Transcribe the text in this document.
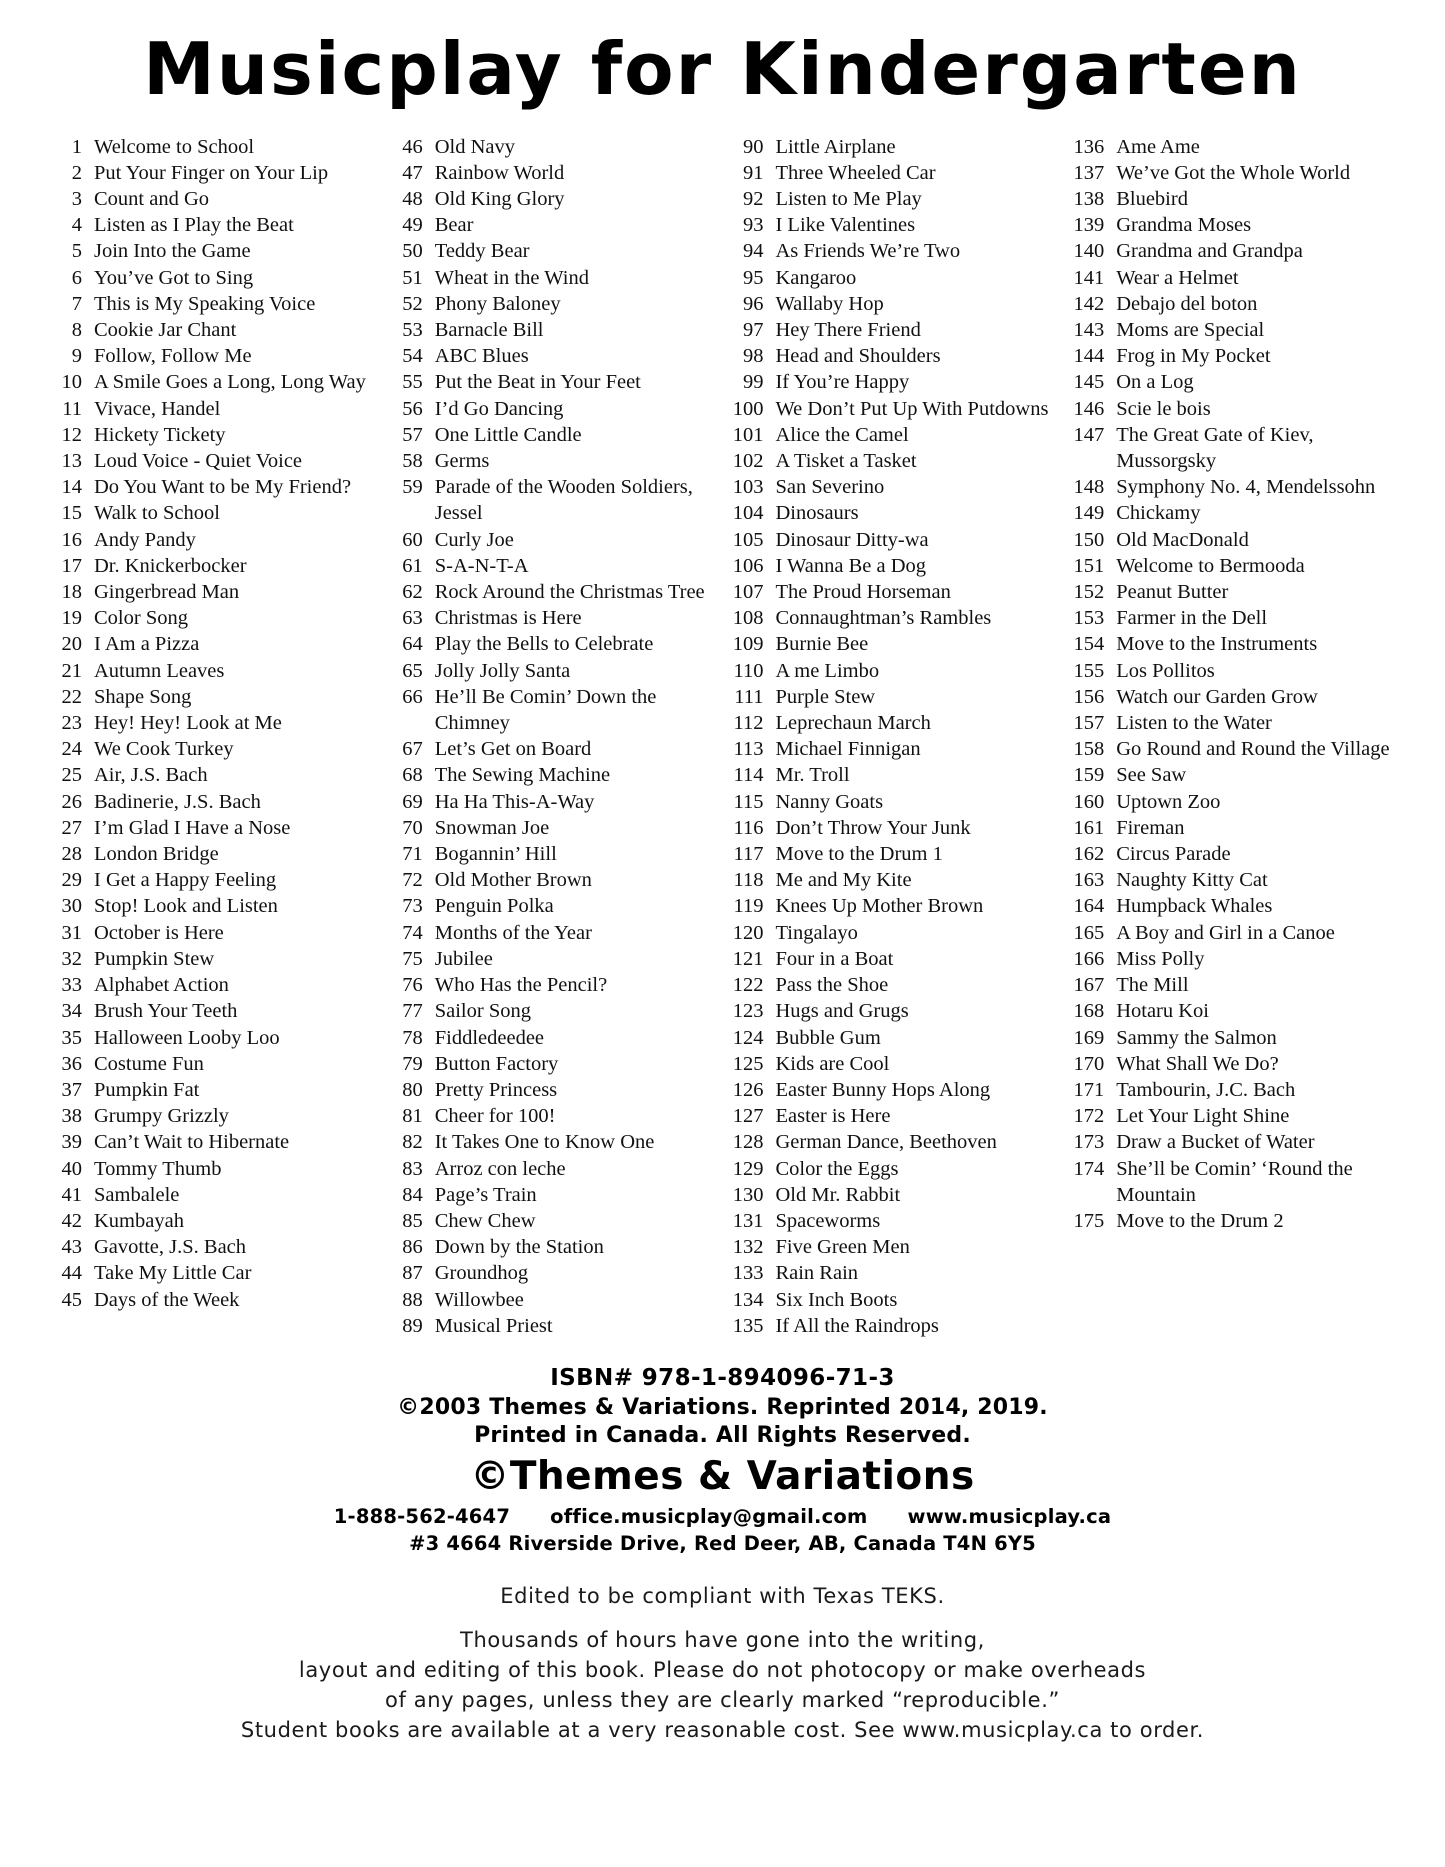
Musicplay for Kindergarten
1 Welcome to School
2 Put Your Finger on Your Lip
3 Count and Go
4 Listen as I Play the Beat
5 Join Into the Game
6 You’ve Got to Sing
7 This is My Speaking Voice
8 Cookie Jar Chant
9 Follow, Follow Me
10 A Smile Goes a Long, Long Way
11 Vivace, Handel
12 Hickety Tickety
13 Loud Voice - Quiet Voice
14 Do You Want to be My Friend?
15 Walk to School
16 Andy Pandy
17 Dr. Knickerbocker
18 Gingerbread Man
19 Color Song
20 I Am a Pizza
21 Autumn Leaves
22 Shape Song
23 Hey! Hey! Look at Me
24 We Cook Turkey
25 Air, J.S. Bach
26 Badinerie, J.S. Bach
27 I’m Glad I Have a Nose
28 London Bridge
29 I Get a Happy Feeling
30 Stop! Look and Listen
31 October is Here
32 Pumpkin Stew
33 Alphabet Action
34 Brush Your Teeth
35 Halloween Looby Loo
36 Costume Fun
37 Pumpkin Fat
38 Grumpy Grizzly
39 Can’t Wait to Hibernate
40 Tommy Thumb
41 Sambalele
42 Kumbayah
43 Gavotte, J.S. Bach
44 Take My Little Car
45 Days of the Week
46 Old Navy
47 Rainbow World
48 Old King Glory
49 Bear
50 Teddy Bear
51 Wheat in the Wind
52 Phony Baloney
53 Barnacle Bill
54 ABC Blues
55 Put the Beat in Your Feet
56 I’d Go Dancing
57 One Little Candle
58 Germs
59 Parade of the Wooden Soldiers, Jessel
60 Curly Joe
61 S-A-N-T-A
62 Rock Around the Christmas Tree
63 Christmas is Here
64 Play the Bells to Celebrate
65 Jolly Jolly Santa
66 He’ll Be Comin’ Down the Chimney
67 Let’s Get on Board
68 The Sewing Machine
69 Ha Ha This-A-Way
70 Snowman Joe
71 Bogannin’ Hill
72 Old Mother Brown
73 Penguin Polka
74 Months of the Year
75 Jubilee
76 Who Has the Pencil?
77 Sailor Song
78 Fiddledeedee
79 Button Factory
80 Pretty Princess
81 Cheer for 100!
82 It Takes One to Know One
83 Arroz con leche
84 Page’s Train
85 Chew Chew
86 Down by the Station
87 Groundhog
88 Willowbee
89 Musical Priest
90 Little Airplane
91 Three Wheeled Car
92 Listen to Me Play
93 I Like Valentines
94 As Friends We’re Two
95 Kangaroo
96 Wallaby Hop
97 Hey There Friend
98 Head and Shoulders
99 If You’re Happy
100 We Don’t Put Up With Putdowns
101 Alice the Camel
102 A Tisket a Tasket
103 San Severino
104 Dinosaurs
105 Dinosaur Ditty-wa
106 I Wanna Be a Dog
107 The Proud Horseman
108 Connaughtman’s Rambles
109 Burnie Bee
110 A me Limbo
111 Purple Stew
112 Leprechaun March
113 Michael Finnigan
114 Mr. Troll
115 Nanny Goats
116 Don’t Throw Your Junk
117 Move to the Drum 1
118 Me and My Kite
119 Knees Up Mother Brown
120 Tingalayo
121 Four in a Boat
122 Pass the Shoe
123 Hugs and Grugs
124 Bubble Gum
125 Kids are Cool
126 Easter Bunny Hops Along
127 Easter is Here
128 German Dance, Beethoven
129 Color the Eggs
130 Old Mr. Rabbit
131 Spaceworms
132 Five Green Men
133 Rain Rain
134 Six Inch Boots
135 If All the Raindrops
136 Ame Ame
137 We’ve Got the Whole World
138 Bluebird
139 Grandma Moses
140 Grandma and Grandpa
141 Wear a Helmet
142 Debajo del boton
143 Moms are Special
144 Frog in My Pocket
145 On a Log
146 Scie le bois
147 The Great Gate of Kiev, Mussorgsky
148 Symphony No. 4, Mendelssohn
149 Chickamy
150 Old MacDonald
151 Welcome to Bermooda
152 Peanut Butter
153 Farmer in the Dell
154 Move to the Instruments
155 Los Pollitos
156 Watch our Garden Grow
157 Listen to the Water
158 Go Round and Round the Village
159 See Saw
160 Uptown Zoo
161 Fireman
162 Circus Parade
163 Naughty Kitty Cat
164 Humpback Whales
165 A Boy and Girl in a Canoe
166 Miss Polly
167 The Mill
168 Hotaru Koi
169 Sammy the Salmon
170 What Shall We Do?
171 Tambourin, J.C. Bach
172 Let Your Light Shine
173 Draw a Bucket of Water
174 She’ll be Comin’ ‘Round the Mountain
175 Move to the Drum 2
ISBN# 978-1-894096-71-3
©2003 Themes & Variations. Reprinted 2014, 2019.
Printed in Canada. All Rights Reserved.
©Themes & Variations
1-888-562-4647 office.musicplay@gmail.com www.musicplay.ca
#3 4664 Riverside Drive, Red Deer, AB, Canada T4N 6Y5
Edited to be compliant with Texas TEKS.
Thousands of hours have gone into the writing,
layout and editing of this book. Please do not photocopy or make overheads
of any pages, unless they are clearly marked “reproducible.”
Student books are available at a very reasonable cost. See www.musicplay.ca to order.
